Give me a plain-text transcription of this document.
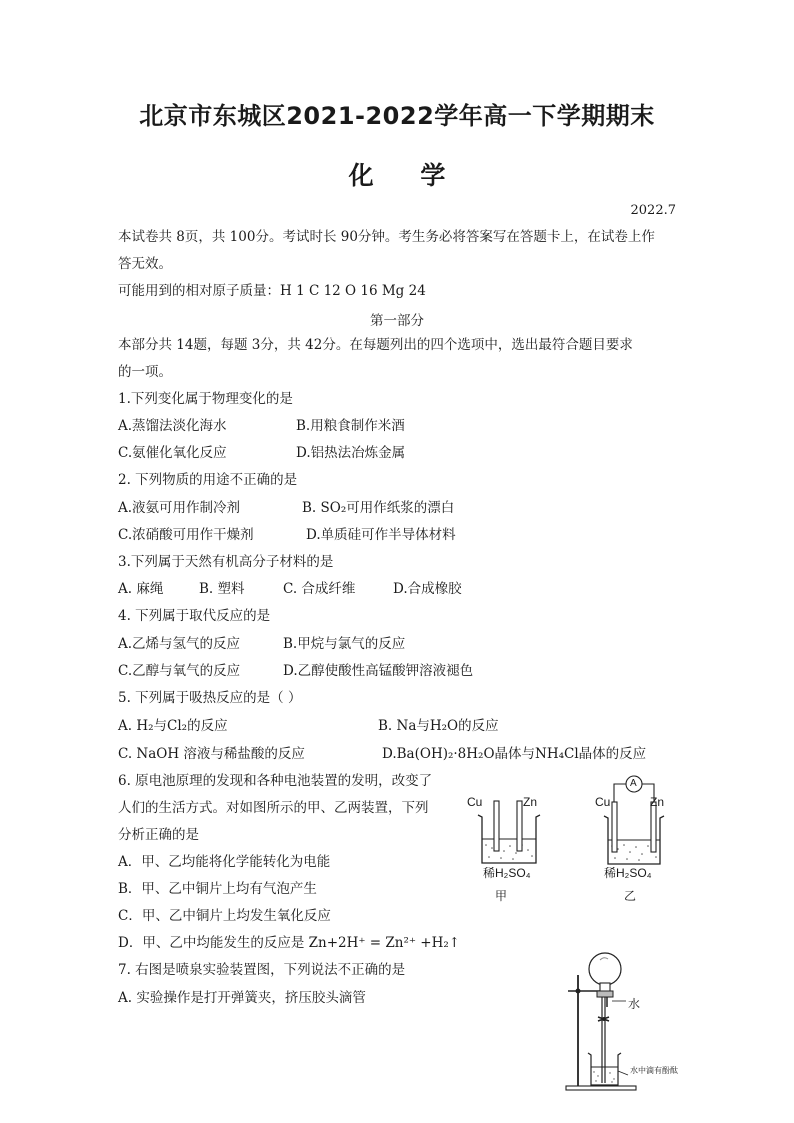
北京市东城区2021-2022学年高一下学期期末
化 学
2022.7
本试卷共 8页，共 100分。考试时长 90分钟。考生务必将答案写在答题卡上，在试卷上作
答无效。
可能用到的相对原子质量：H 1 C 12 O 16 Mg 24
第一部分
本部分共 14题，每题 3分，共 42分。在每题列出的四个选项中，选出最符合题目要求
的一项。
1.下列变化属于物理变化的是
A.蒸馏法淡化海水	B.用粮食制作米酒
C.氨催化氧化反应	D.铝热法冶炼金属
2. 下列物质的用途不正确的是
A.液氨可用作制冷剂	B. SO₂可用作纸浆的漂白
C.浓硝酸可用作干燥剂	D.单质硅可作半导体材料
3.下列属于天然有机高分子材料的是
A. 麻绳	B. 塑料	C. 合成纤维	D.合成橡胶
4. 下列属于取代反应的是
A.乙烯与氢气的反应	B.甲烷与氯气的反应
C.乙醇与氧气的反应	D.乙醇使酸性高锰酸钾溶液褪色
5. 下列属于吸热反应的是（ ）
A. H₂与Cl₂的反应	B. Na与H₂O的反应
C. NaOH 溶液与稀盐酸的反应	D.Ba(OH)₂·8H₂O晶体与NH₄Cl晶体的反应
6. 原电池原理的发现和各种电池装置的发明，改变了
人们的生活方式。对如图所示的甲、乙两装置，下列
分析正确的是
A．甲、乙均能将化学能转化为电能
B．甲、乙中铜片上均有气泡产生
C．甲、乙中铜片上均发生氧化反应
D．甲、乙中均能发生的反应是 Zn+2H⁺ = Zn²⁺ +H₂↑
7. 右图是喷泉实验装置图，下列说法不正确的是
A. 实验操作是打开弹簧夹，挤压胶头滴管
Cu	Zn
稀H₂SO₄
甲
A
Cu	Zn
稀H₂SO₄
乙
水
水中滴有酚酞
